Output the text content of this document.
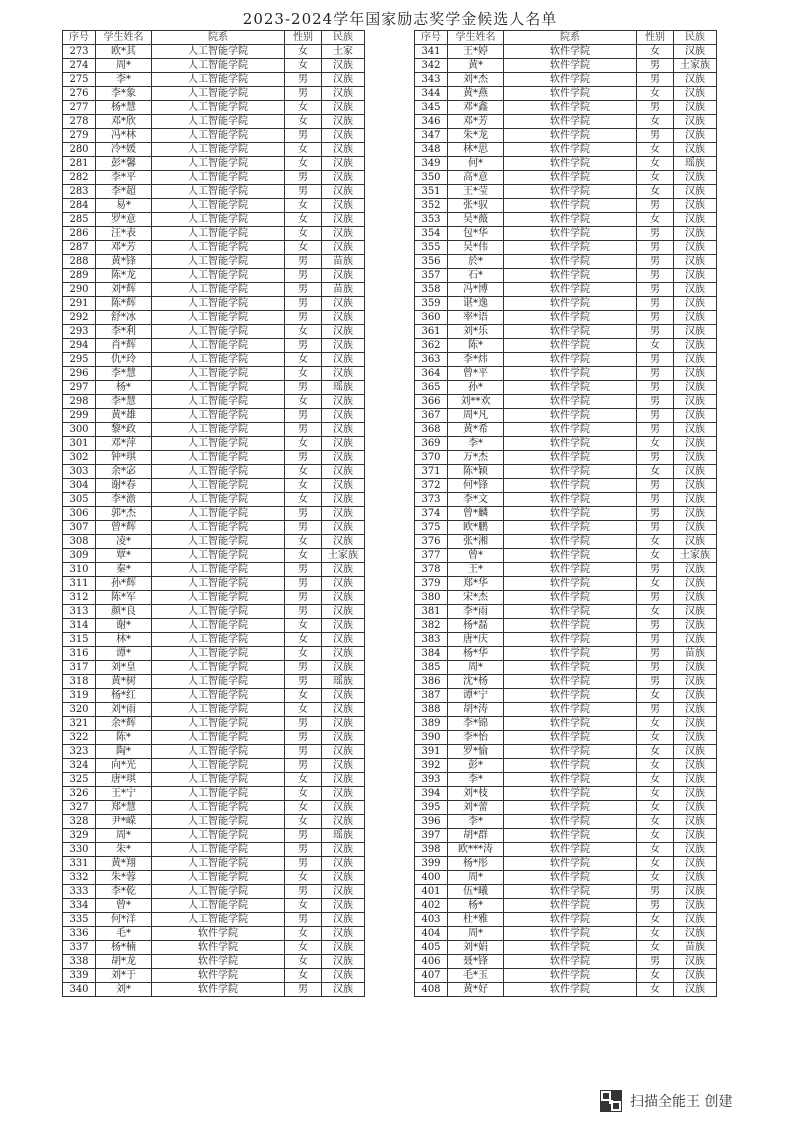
2023-2024学年国家励志奖学金候选人名单
序号	学生姓名	院系	性别	民族
273	欧*其	人工智能学院	女	土家
274	周*	人工智能学院	女	汉族
275	李*	人工智能学院	男	汉族
276	李*象	人工智能学院	男	汉族
277	杨*慧	人工智能学院	女	汉族
278	邓*欣	人工智能学院	女	汉族
279	冯*林	人工智能学院	男	汉族
280	冷*媛	人工智能学院	女	汉族
281	彭*馨	人工智能学院	女	汉族
282	李*平	人工智能学院	男	汉族
283	李*超	人工智能学院	男	汉族
284	易*	人工智能学院	女	汉族
285	罗*意	人工智能学院	女	汉族
286	汪*表	人工智能学院	女	汉族
287	邓*芳	人工智能学院	女	汉族
288	黄*锋	人工智能学院	男	苗族
289	陈*龙	人工智能学院	男	汉族
290	刘*辉	人工智能学院	男	苗族
291	陈*辉	人工智能学院	男	汉族
292	舒*冰	人工智能学院	男	汉族
293	李*利	人工智能学院	女	汉族
294	肖*辉	人工智能学院	男	汉族
295	仇*玲	人工智能学院	女	汉族
296	李*慧	人工智能学院	女	汉族
297	杨*	人工智能学院	男	瑶族
298	李*慧	人工智能学院	女	汉族
299	黄*雄	人工智能学院	男	汉族
300	黎*政	人工智能学院	男	汉族
301	邓*萍	人工智能学院	女	汉族
302	钟*琪	人工智能学院	男	汉族
303	余*宓	人工智能学院	女	汉族
304	谢*春	人工智能学院	女	汉族
305	李*澹	人工智能学院	女	汉族
306	郭*杰	人工智能学院	男	汉族
307	曾*辉	人工智能学院	男	汉族
308	凌*	人工智能学院	女	汉族
309	覃*	人工智能学院	女	土家族
310	秦*	人工智能学院	男	汉族
311	孙*辉	人工智能学院	男	汉族
312	陈*军	人工智能学院	男	汉族
313	颜*良	人工智能学院	男	汉族
314	谢*	人工智能学院	女	汉族
315	林*	人工智能学院	女	汉族
316	谭*	人工智能学院	女	汉族
317	刘*皇	人工智能学院	男	汉族
318	黄*树	人工智能学院	男	瑶族
319	杨*红	人工智能学院	女	汉族
320	刘*雨	人工智能学院	女	汉族
321	余*辉	人工智能学院	男	汉族
322	陈*	人工智能学院	男	汉族
323	陶*	人工智能学院	男	汉族
324	向*光	人工智能学院	男	汉族
325	唐*琪	人工智能学院	女	汉族
326	王*宁	人工智能学院	女	汉族
327	郑*慧	人工智能学院	女	汉族
328	尹*嵘	人工智能学院	女	汉族
329	周*	人工智能学院	男	瑶族
330	朱*	人工智能学院	男	汉族
331	黄*翔	人工智能学院	男	汉族
332	朱*蓉	人工智能学院	女	汉族
333	李*乾	人工智能学院	男	汉族
334	曾*	人工智能学院	女	汉族
335	何*洋	人工智能学院	男	汉族
336	毛*	软件学院	女	汉族
337	杨*楠	软件学院	女	汉族
338	胡*龙	软件学院	女	汉族
339	刘*于	软件学院	女	汉族
340	刘*	软件学院	男	汉族
序号	学生姓名	院系	性别	民族
341	王*婷	软件学院	女	汉族
342	黄*	软件学院	男	土家族
343	刘*杰	软件学院	男	汉族
344	黄*燕	软件学院	女	汉族
345	邓*鑫	软件学院	男	汉族
346	邓*芳	软件学院	女	汉族
347	朱*龙	软件学院	男	汉族
348	林*思	软件学院	女	汉族
349	何*	软件学院	女	瑶族
350	高*意	软件学院	女	汉族
351	王*莹	软件学院	女	汉族
352	张*驭	软件学院	男	汉族
353	吴*薇	软件学院	女	汉族
354	包*华	软件学院	男	汉族
355	吴*伟	软件学院	男	汉族
356	於*	软件学院	男	汉族
357	石*	软件学院	男	汉族
358	冯*博	软件学院	男	汉族
359	谌*逸	软件学院	男	汉族
360	率*语	软件学院	男	汉族
361	刘*乐	软件学院	男	汉族
362	陈*	软件学院	女	汉族
363	李*炜	软件学院	男	汉族
364	曾*平	软件学院	男	汉族
365	孙*	软件学院	男	汉族
366	刘**欢	软件学院	男	汉族
367	周*凡	软件学院	男	汉族
368	黄*希	软件学院	男	汉族
369	李*	软件学院	女	汉族
370	万*杰	软件学院	男	汉族
371	陈*颖	软件学院	女	汉族
372	何*锋	软件学院	男	汉族
373	李*文	软件学院	男	汉族
374	曾*麟	软件学院	男	汉族
375	欧*鹏	软件学院	男	汉族
376	张*湘	软件学院	女	汉族
377	曾*	软件学院	女	土家族
378	王*	软件学院	男	汉族
379	郑*华	软件学院	女	汉族
380	宋*杰	软件学院	男	汉族
381	李*雨	软件学院	女	汉族
382	杨*磊	软件学院	男	汉族
383	唐*庆	软件学院	男	汉族
384	杨*华	软件学院	男	苗族
385	周*	软件学院	男	汉族
386	沈*杨	软件学院	男	汉族
387	谭*宁	软件学院	女	汉族
388	胡*涛	软件学院	男	汉族
389	李*锦	软件学院	女	汉族
390	李*怡	软件学院	女	汉族
391	罗*愉	软件学院	女	汉族
392	彭*	软件学院	女	汉族
393	李*	软件学院	女	汉族
394	刘*枝	软件学院	女	汉族
395	刘*蕾	软件学院	女	汉族
396	李*	软件学院	女	汉族
397	胡*群	软件学院	女	汉族
398	欧***涛	软件学院	女	汉族
399	杨*彤	软件学院	女	汉族
400	周*	软件学院	女	汉族
401	伍*曦	软件学院	男	汉族
402	杨*	软件学院	男	汉族
403	杜*雅	软件学院	女	汉族
404	周*	软件学院	女	汉族
405	刘*娟	软件学院	女	苗族
406	聂*锋	软件学院	男	汉族
407	毛*玉	软件学院	女	汉族
408	黄*好	软件学院	女	汉族
扫描全能王 创建
